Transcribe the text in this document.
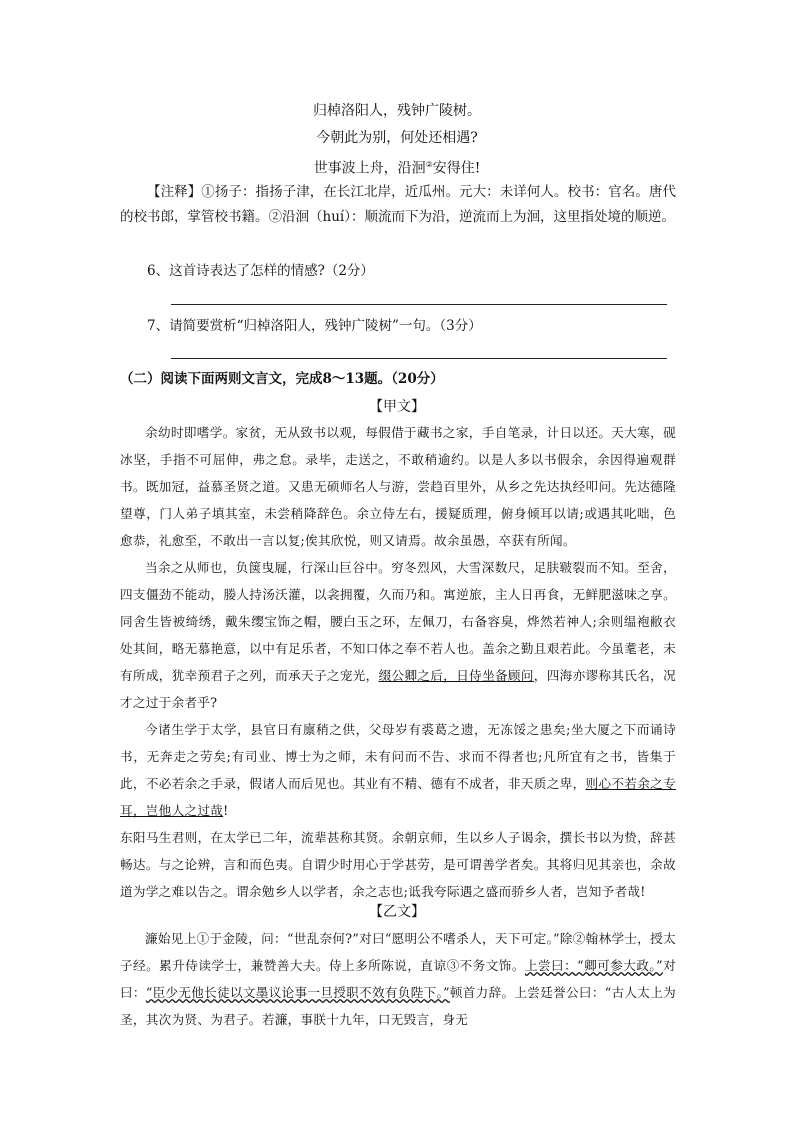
归棹洛阳人，残钟广陵树。
今朝此为别，何处还相遇?
世事波上舟，沿洄②安得住!
【注释】①扬子：指扬子津，在长江北岸，近瓜州。元大：未详何人。校书：官名。唐代的校书郎，掌管校书籍。②沿洄（huí）：顺流而下为沿，逆流而上为洄，这里指处境的顺逆。
6、这首诗表达了怎样的情感?（2分）
7、请简要赏析“归棹洛阳人，残钟广陵树”一句。（3分）
（二）阅读下面两则文言文，完成8～13题。（20分）
【甲文】

余幼时即嗜学。家贫，无从致书以观，每假借于藏书之家，手自笔录，计日以还。天大寒，砚冰坚，手指不可屈伸，弗之怠。录毕，走送之，不敢稍逾约。以是人多以书假余，余因得遍观群书。既加冠，益慕圣贤之道。又患无硕师名人与游，尝趋百里外，从乡之先达执经叩问。先达德隆望尊，门人弟子填其室，未尝稍降辞色。余立侍左右，援疑质理，俯身倾耳以请;或遇其叱咄，色愈恭，礼愈至，不敢出一言以复;俟其欣悦，则又请焉。故余虽愚，卒获有所闻。

当余之从师也，负箧曳屣，行深山巨谷中。穷冬烈风，大雪深数尺，足肤皲裂而不知。至舍，四支僵劲不能动，媵人持汤沃灌，以衾拥覆，久而乃和。寓逆旅，主人日再食，无鲜肥滋味之享。同舍生皆被绮绣，戴朱缨宝饰之帽，腰白玉之环，左佩刀，右备容臭，烨然若神人;余则缊袍敝衣处其间，略无慕艳意，以中有足乐者，不知口体之奉不若人也。盖余之勤且艰若此。今虽耄老，未有所成，犹幸预君子之列，而承天子之宠光，缀公卿之后，日侍坐备顾问，四海亦谬称其氏名，况才之过于余者乎?

今诸生学于太学，县官日有廪稍之供，父母岁有裘葛之遗，无冻馁之患矣;坐大厦之下而诵诗书，无奔走之劳矣;有司业、博士为之师，未有问而不告、求而不得者也;凡所宜有之书，皆集于此，不必若余之手录，假诸人而后见也。其业有不精、德有不成者，非天质之卑，则心不若余之专耳，岂他人之过哉!

东阳马生君则，在太学已二年，流辈甚称其贤。余朝京师，生以乡人子谒余，撰长书以为贽，辞甚畅达。与之论辨，言和而色夷。自谓少时用心于学甚劳，是可谓善学者矣。其将归见其亲也，余故道为学之难以告之。谓余勉乡人以学者，余之志也;诋我夸际遇之盛而骄乡人者，岂知予者哉!

【乙文】

濂始见上①于金陵，问：“世乱奈何?”对曰“愿明公不嗜杀人，天下可定。”除②翰林学士，授太子经。累升侍读学士，兼赞善大夫。侍上多所陈说，直谅③不务文饰。上尝曰：“卿可参大政。”对曰：“臣少无他长徒以文墨议论事一旦授职不效有负陛下。”顿首力辞。上尝廷誉公曰：“古人太上为圣，其次为贤、为君子。若濂，事朕十九年，口无毁言，身无
